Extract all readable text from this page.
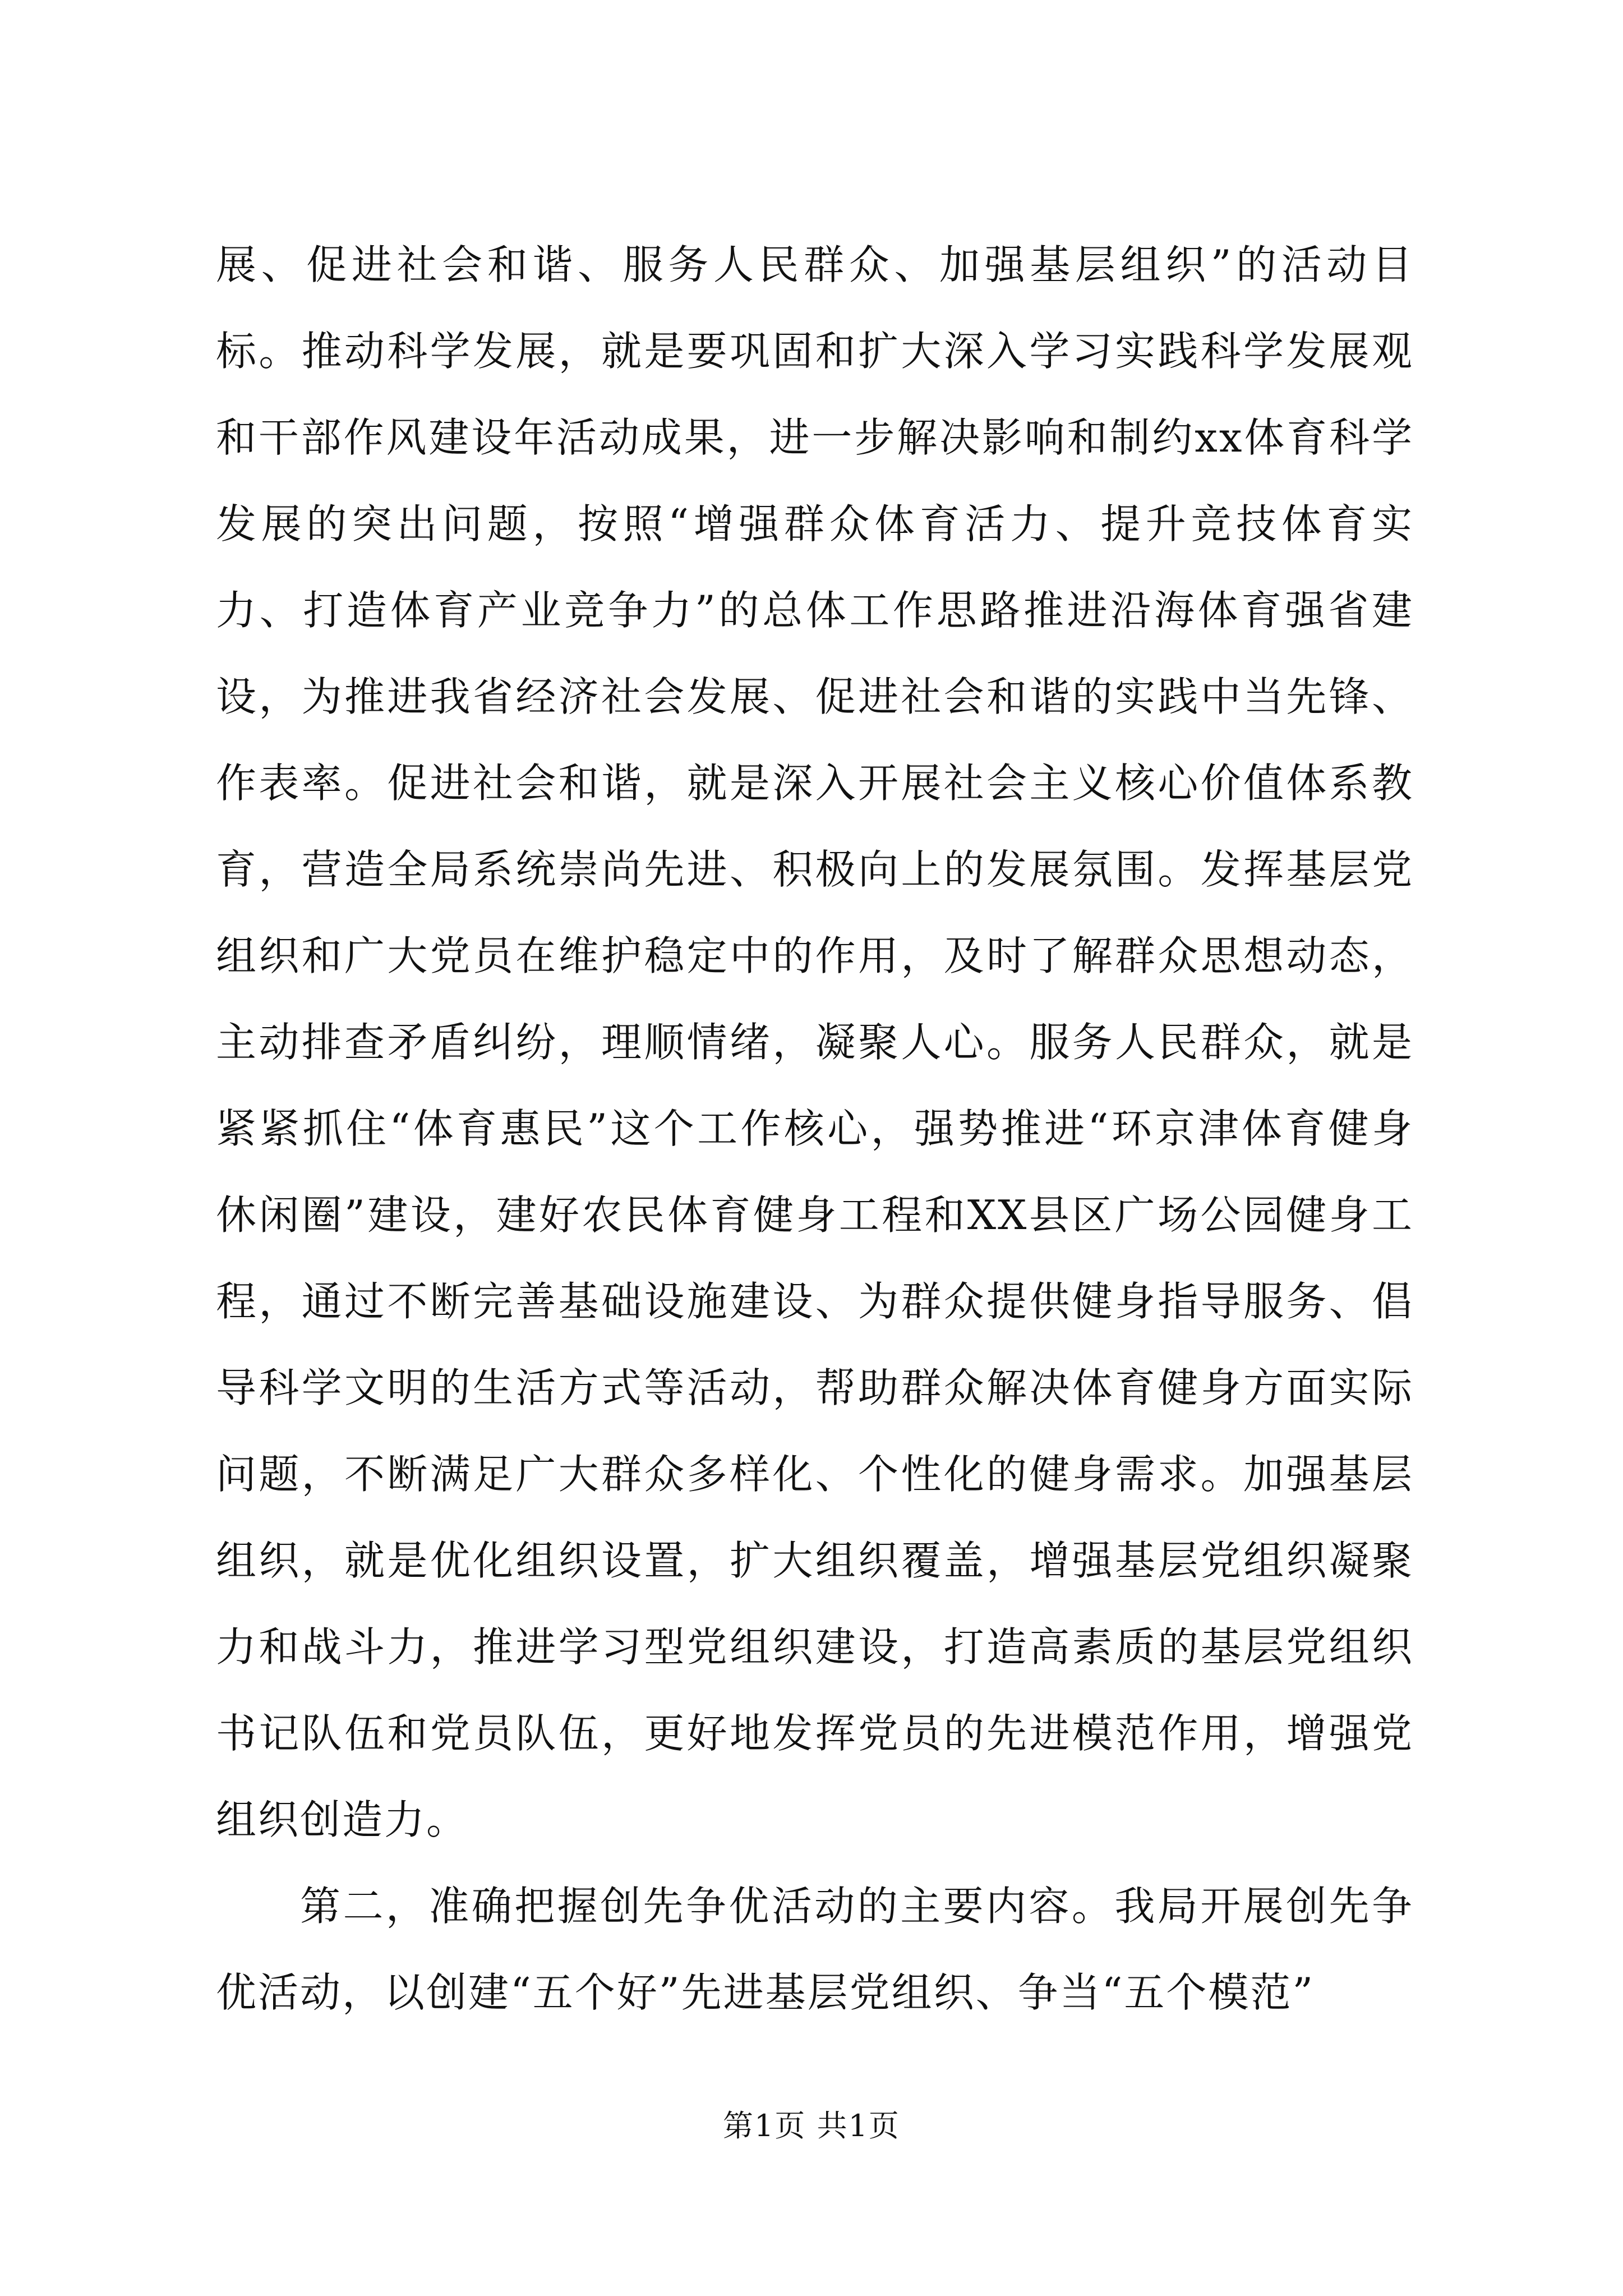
展、促进社会和谐、服务人民群众、加强基层组织”的活动目标。推动科学发展，就是要巩固和扩大深入学习实践科学发展观和干部作风建设年活动成果，进一步解决影响和制约xx体育科学发展的突出问题，按照“增强群众体育活力、提升竞技体育实力、打造体育产业竞争力”的总体工作思路推进沿海体育强省建设，为推进我省经济社会发展、促进社会和谐的实践中当先锋、作表率。促进社会和谐，就是深入开展社会主义核心价值体系教育，营造全局系统崇尚先进、积极向上的发展氛围。发挥基层党组织和广大党员在维护稳定中的作用，及时了解群众思想动态，主动排查矛盾纠纷，理顺情绪，凝聚人心。服务人民群众，就是紧紧抓住“体育惠民”这个工作核心，强势推进“环京津体育健身休闲圈”建设，建好农民体育健身工程和XX县区广场公园健身工程，通过不断完善基础设施建设、为群众提供健身指导服务、倡导科学文明的生活方式等活动，帮助群众解决体育健身方面实际问题，不断满足广大群众多样化、个性化的健身需求。加强基层组织，就是优化组织设置，扩大组织覆盖，增强基层党组织凝聚力和战斗力，推进学习型党组织建设，打造高素质的基层党组织书记队伍和党员队伍，更好地发挥党员的先进模范作用，增强党组织创造力。

第二，准确把握创先争优活动的主要内容。我局开展创先争优活动，以创建“五个好”先进基层党组织、争当“五个模范”

第1页 共1页
